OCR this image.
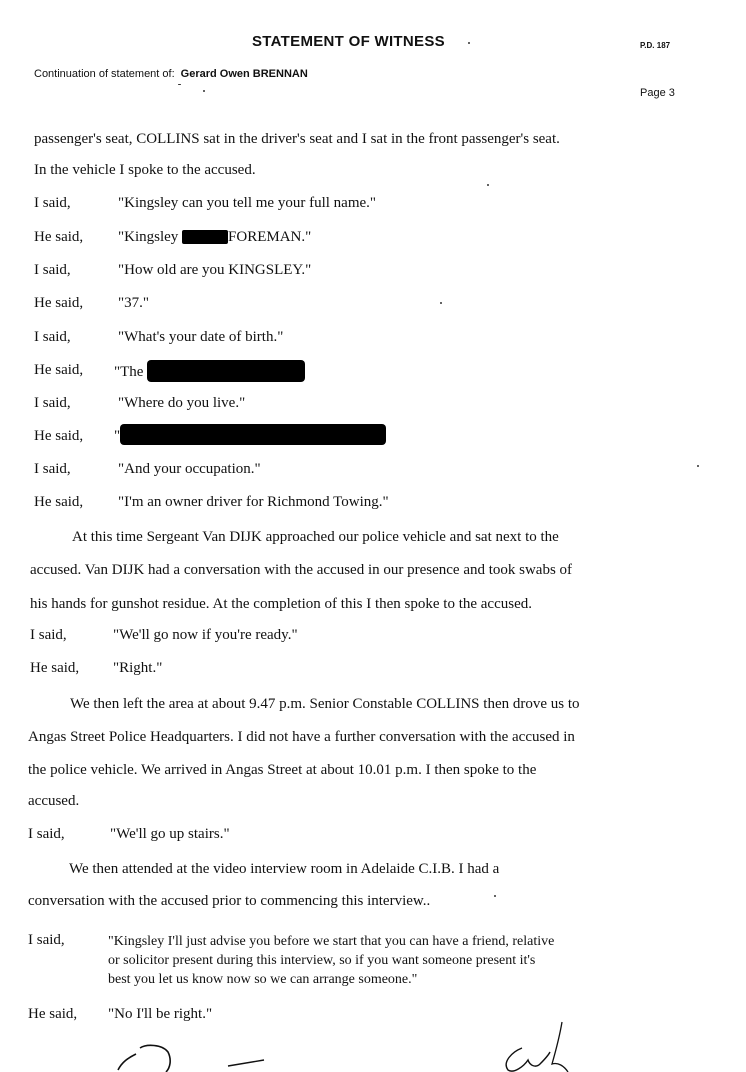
STATEMENT OF WITNESS	P.D. 187
Continuation of statement of: Gerard Owen BRENNAN
Page 3
passenger's seat, COLLINS sat in the driver's seat and I sat in the front passenger's seat.
In the vehicle I spoke to the accused.
I said,	"Kingsley can you tell me your full name."
He said, "Kingsley	FOREMAN."
I said,	"How old are you KINGSLEY."
He said, "37."
I said,	"What's your date of birth."
He said, "The
I said,	"Where do you live."
He said, "
I said,	"And your occupation."
He said, "I'm an owner driver for Richmond Towing."
At this time Sergeant Van DIJK approached our police vehicle and sat next to the
accused. Van DIJK had a conversation with the accused in our presence and took swabs of
his hands for gunshot residue. At the completion of this I then spoke to the accused.
I said,	"We'll go now if you're ready."
He said, "Right."
We then left the area at about 9.47 p.m. Senior Constable COLLINS then drove us to
Angas Street Police Headquarters. I did not have a further conversation with the accused in
the police vehicle. We arrived in Angas Street at about 10.01 p.m. I then spoke to the
accused.
I said,	"We'll go up stairs."
We then attended at the video interview room in Adelaide C.I.B. I had a
conversation with the accused prior to commencing this interview..
I said,	"Kingsley I'll just advise you before we start that you can have a friend, relative
or solicitor present during this interview, so if you want someone present it's
best you let us know now so we can arrange someone."
He said, "No I'll be right."
